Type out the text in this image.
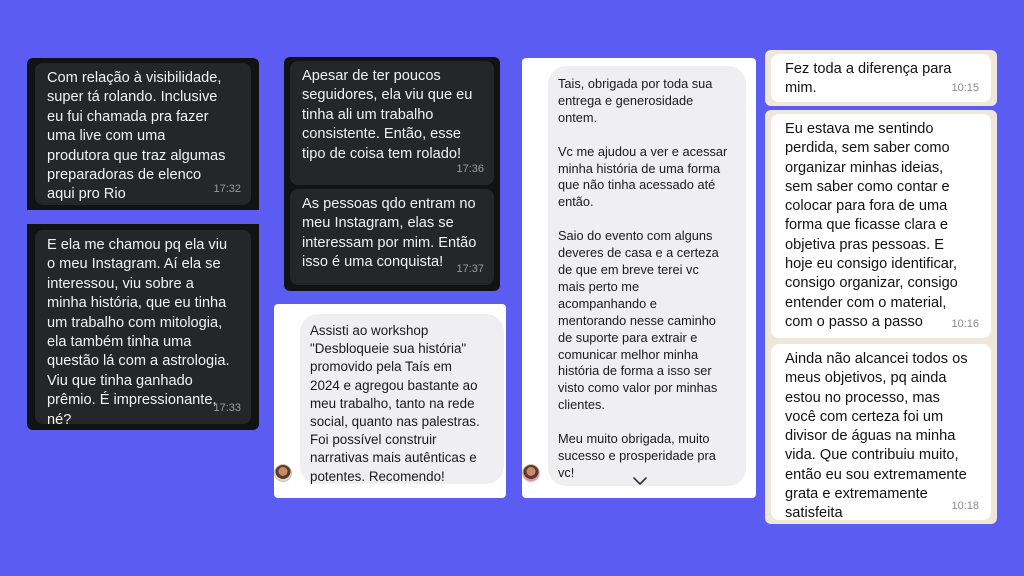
Com relação à visibilidade,
super tá rolando. Inclusive
eu fui chamada pra fazer
uma live com uma
produtora que traz algumas
preparadoras de elenco
aqui pro Rio	17:32
E ela me chamou pq ela viu
o meu Instagram. Aí ela se
interessou, viu sobre a
minha história, que eu tinha
um trabalho com mitologia,
ela também tinha uma
questão lá com a astrologia.
Viu que tinha ganhado
prêmio. É impressionante,
né?
17:33
Apesar de ter poucos
seguidores, ela viu que eu
tinha ali um trabalho
consistente. Então, esse
tipo de coisa tem rolado!
17:36
As pessoas qdo entram no
meu Instagram, elas se
interessam por mim. Então
isso é uma conquista!	17:37
Assisti ao workshop
"Desbloqueie sua história"
promovido pela Taís em
2024 e agregou bastante ao
meu trabalho, tanto na rede
social, quanto nas palestras.
Foi possível construir
narrativas mais autênticas e
potentes. Recomendo!
Tais, obrigada por toda sua
entrega e generosidade
ontem.

Vc me ajudou a ver e acessar
minha história de uma forma
que não tinha acessado até
então.

Saio do evento com alguns
deveres de casa e a certeza
de que em breve terei vc
mais perto me
acompanhando e
mentorando nesse caminho
de suporte para extrair e
comunicar melhor minha
história de forma a isso ser
visto como valor por minhas
clientes.

Meu muito obrigada, muito
sucesso e prosperidade pra
vc!
Fez toda a diferença para
mim.	10:15
Eu estava me sentindo
perdida, sem saber como
organizar minhas ideias,
sem saber como contar e
colocar para fora de uma
forma que ficasse clara e
objetiva pras pessoas. E
hoje eu consigo identificar,
consigo organizar, consigo
entender com o material,
com o passo a passo	10:16
Ainda não alcancei todos os
meus objetivos, pq ainda
estou no processo, mas
você com certeza foi um
divisor de águas na minha
vida. Que contribuiu muito,
então eu sou extremamente
grata e extremamente
satisfeita	10:18
